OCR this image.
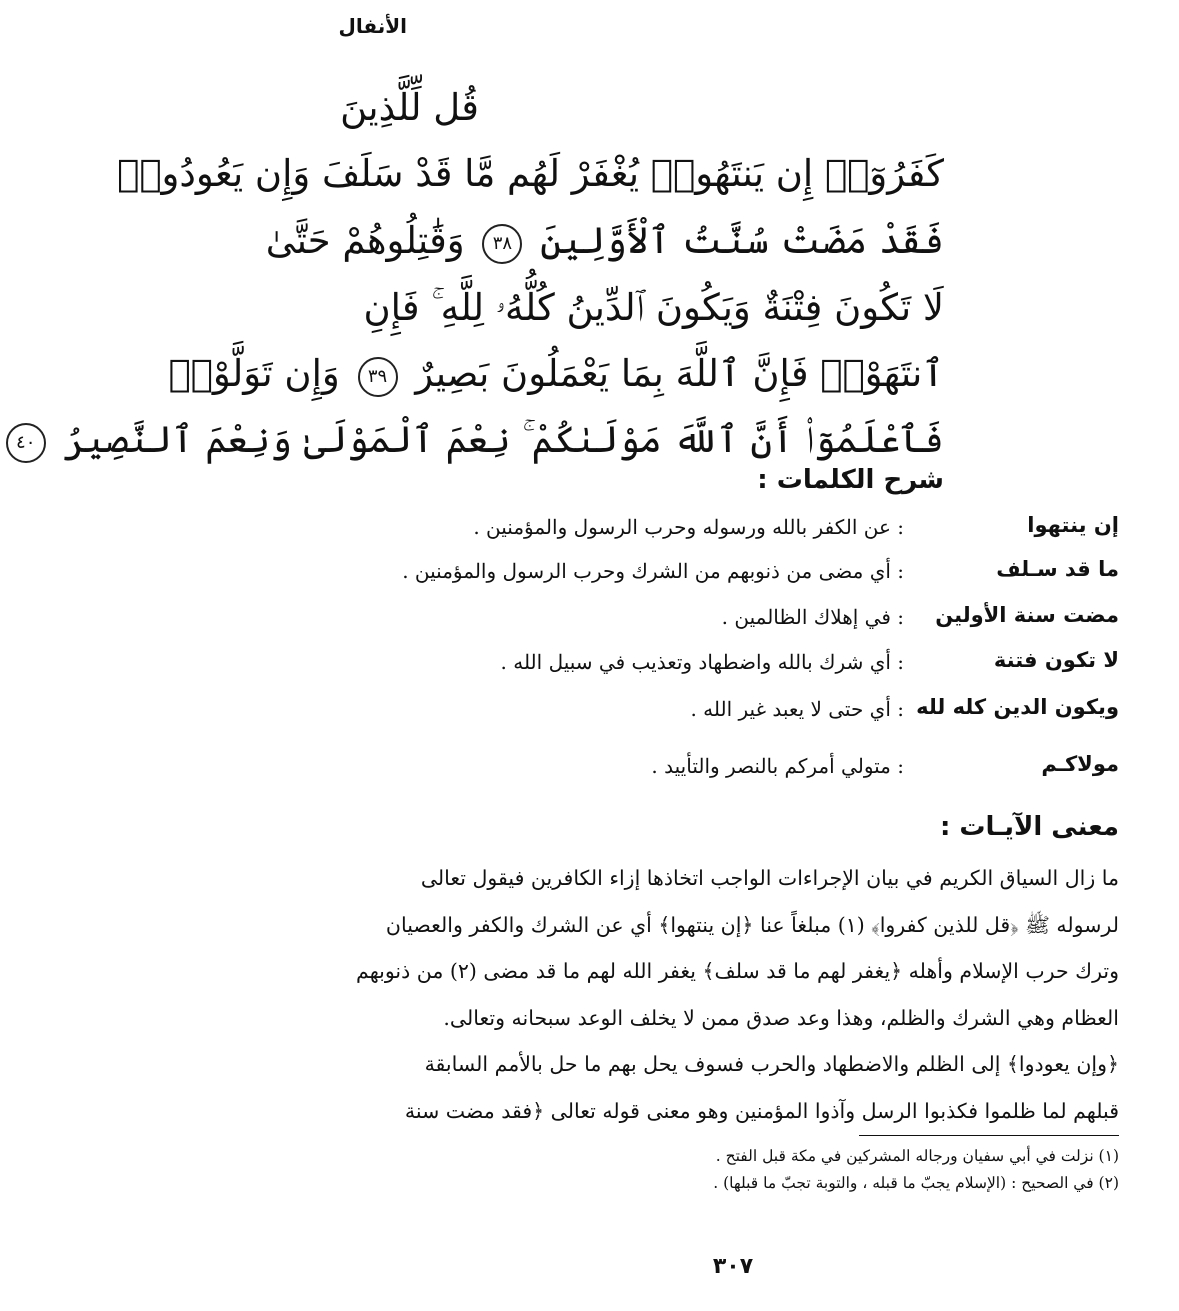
الأنفال
قُل لِّلَّذِينَ
كَفَرُوٓا۟ إِن يَنتَهُوا۟ يُغْفَرْ لَهُم مَّا قَدْ سَلَفَ وَإِن يَعُودُوا۟
فَقَدْ مَضَتْ سُنَّتُ ٱلْأَوَّلِينَ ٣٨ وَقَٰتِلُوهُمْ حَتَّىٰ
لَا تَكُونَ فِتْنَةٌ وَيَكُونَ ٱلدِّينُ كُلُّهُۥ لِلَّهِ ۚ فَإِنِ
ٱنتَهَوْا۟ فَإِنَّ ٱللَّهَ بِمَا يَعْمَلُونَ بَصِيرٌ ٣٩ وَإِن تَوَلَّوْا۟
فَٱعْلَمُوٓا۟ أَنَّ ٱللَّهَ مَوْلَىٰكُمْ ۚ نِعْمَ ٱلْمَوْلَىٰ وَنِعْمَ ٱلنَّصِيرُ ٤٠
شرح الكلمات :
إن ينتهوا
: عن الكفر بالله ورسوله وحرب الرسول والمؤمنين .
ما قد سـلف
: أي مضى من ذنوبهم من الشرك وحرب الرسول والمؤمنين .
مضت سنة الأولين
: في إهلاك الظالمين .
لا تكون فتنة
: أي شرك بالله واضطهاد وتعذيب في سبيل الله .
ويكون الدين كله لله
: أي حتى لا يعبد غير الله .
مولاكـم
: متولي أمركم بالنصر والتأييد .
معنى الآيـات :

ما زال السياق الكريم في بيان الإجراءات الواجب اتخاذها إزاء الكافرين فيقول تعالى

لرسوله ﷺ ﴿قل للذين كفروا﴾ (١) مبلغاً عنا ﴿إن ينتهوا﴾ أي عن الشرك والكفر والعصيان

وترك حرب الإسلام وأهله ﴿يغفر لهم ما قد سلف﴾ يغفر الله لهم ما قد مضى (٢) من ذنوبهم

العظام وهي الشرك والظلم، وهذا وعد صدق ممن لا يخلف الوعد سبحانه وتعالى.

﴿وإن يعودوا﴾ إلى الظلم والاضطهاد والحرب فسوف يحل بهم ما حل بالأمم السابقة

قبلهم لما ظلموا فكذبوا الرسل وآذوا المؤمنين وهو معنى قوله تعالى ﴿فقد مضت سنة

(١) نزلت في أبي سفيان ورجاله المشركين في مكة قبل الفتح .

(٢) في الصحيح : (الإسلام يجبّ ما قبله ، والتوبة تجبّ ما قبلها) .

٣٠٧
